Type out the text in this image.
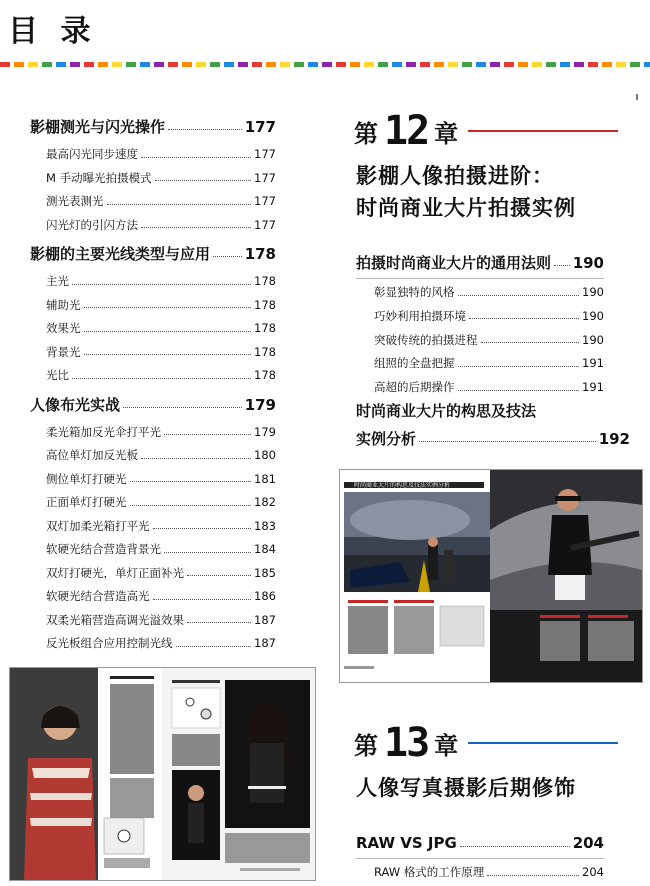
目 录
影棚测光与闪光操作	177
最高闪光同步速度	177
M 手动曝光拍摄模式	177
测光表测光	177
闪光灯的引闪方法	177
影棚的主要光线类型与应用 178
主光	178
辅助光	178
效果光	178
背景光	178
光比	178
人像布光实战	179
柔光箱加反光伞打平光	179
高位单灯加反光板	180
侧位单灯打硬光	181
正面单灯打硬光	182
双灯加柔光箱打平光	183
软硬光结合营造背景光	184
双灯打硬光，单灯正面补光	185
软硬光结合营造高光	186
双柔光箱营造高调光溢效果	187
反光板组合应用控制光线	187
第 12 章
影棚人像拍摄进阶：
时尚商业大片拍摄实例
拍摄时尚商业大片的通用法则 190
彰显独特的风格	190
巧妙利用拍摄环境	190
突破传统的拍摄进程	190
组照的全盘把握	191
高超的后期操作	191
时尚商业大片的构思及技法
实例分析	192
时尚商业大片的构思及技法实例分析
第 13 章
人像写真摄影后期修饰
RAW VS JPG	204
RAW 格式的工作原理	204
